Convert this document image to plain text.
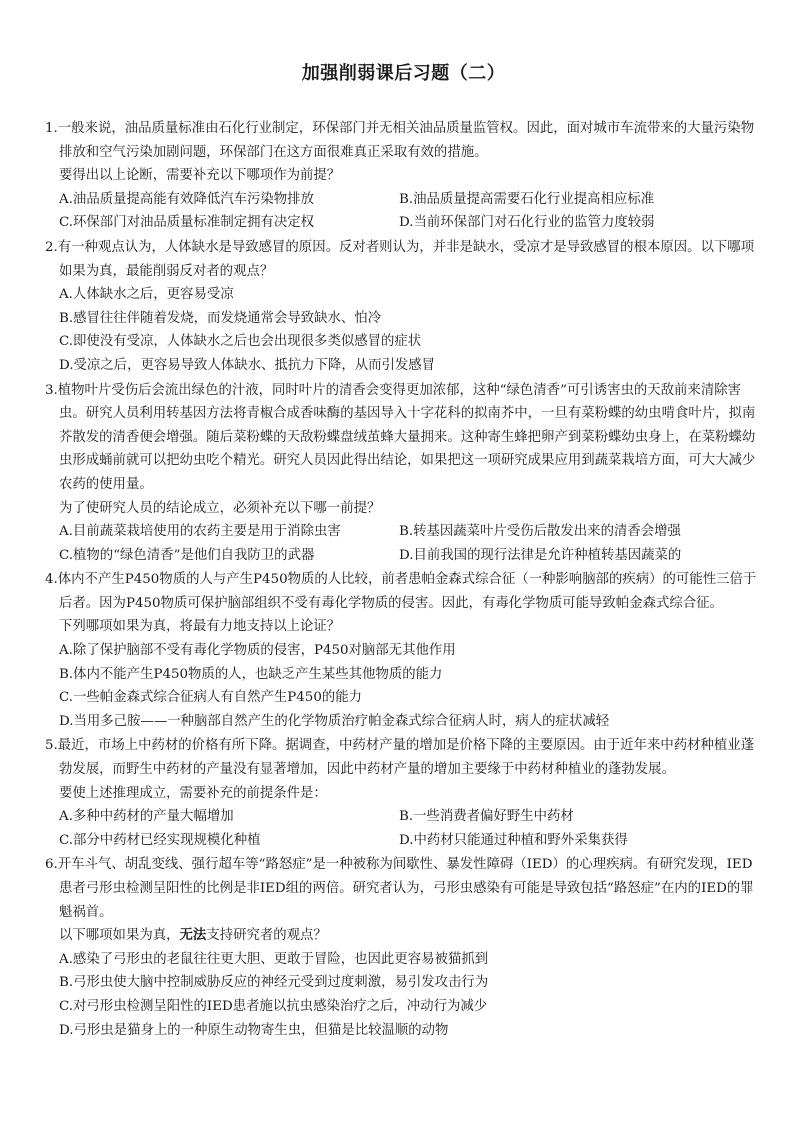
加强削弱课后习题（二）

1.一般来说，油品质量标准由石化行业制定，环保部门并无相关油品质量监管权。因此，面对城市车流带来的大量污染物排放和空气污染加剧问题，环保部门在这方面很难真正采取有效的措施。

要得出以上论断，需要补充以下哪项作为前提？

A.油品质量提高能有效降低汽车污染物排放	B.油品质量提高需要石化行业提高相应标准
C.环保部门对油品质量标准制定拥有决定权	D.当前环保部门对石化行业的监管力度较弱

2.有一种观点认为，人体缺水是导致感冒的原因。反对者则认为，并非是缺水，受凉才是导致感冒的根本原因。以下哪项如果为真，最能削弱反对者的观点？

A.人体缺水之后，更容易受凉
B.感冒往往伴随着发烧，而发烧通常会导致缺水、怕冷
C.即使没有受凉，人体缺水之后也会出现很多类似感冒的症状
D.受凉之后，更容易导致人体缺水、抵抗力下降，从而引发感冒

3.植物叶片受伤后会流出绿色的汁液，同时叶片的清香会变得更加浓郁，这种“绿色清香”可引诱害虫的天敌前来清除害虫。研究人员利用转基因方法将青椒合成香味酶的基因导入十字花科的拟南芥中，一旦有菜粉蝶的幼虫啃食叶片，拟南芥散发的清香便会增强。随后菜粉蝶的天敌粉蝶盘绒茧蜂大量拥来。这种寄生蜂把卵产到菜粉蝶幼虫身上，在菜粉蝶幼虫形成蛹前就可以把幼虫吃个精光。研究人员因此得出结论，如果把这一项研究成果应用到蔬菜栽培方面，可大大减少农药的使用量。

为了使研究人员的结论成立，必须补充以下哪一前提？

A.目前蔬菜栽培使用的农药主要是用于消除虫害	B.转基因蔬菜叶片受伤后散发出来的清香会增强
C.植物的“绿色清香”是他们自我防卫的武器	D.目前我国的现行法律是允许种植转基因蔬菜的

4.体内不产生P450物质的人与产生P450物质的人比较，前者患帕金森式综合征（一种影响脑部的疾病）的可能性三倍于后者。因为P450物质可保护脑部组织不受有毒化学物质的侵害。因此，有毒化学物质可能导致帕金森式综合征。

下列哪项如果为真，将最有力地支持以上论证？

A.除了保护脑部不受有毒化学物质的侵害，P450对脑部无其他作用
B.体内不能产生P450物质的人，也缺乏产生某些其他物质的能力
C.一些帕金森式综合征病人有自然产生P450的能力
D.当用多己胺——一种脑部自然产生的化学物质治疗帕金森式综合征病人时，病人的症状减轻

5.最近，市场上中药材的价格有所下降。据调查，中药材产量的增加是价格下降的主要原因。由于近年来中药材种植业蓬勃发展，而野生中药材的产量没有显著增加，因此中药材产量的增加主要缘于中药材种植业的蓬勃发展。

要使上述推理成立，需要补充的前提条件是：

A.多种中药材的产量大幅增加	B.一些消费者偏好野生中药材
C.部分中药材已经实现规模化种植	D.中药材只能通过种植和野外采集获得

6.开车斗气、胡乱变线、强行超车等“路怒症”是一种被称为间歇性、暴发性障碍（IED）的心理疾病。有研究发现，IED患者弓形虫检测呈阳性的比例是非IED组的两倍。研究者认为，弓形虫感染有可能是导致包括“路怒症”在内的IED的罪魁祸首。

以下哪项如果为真，无法支持研究者的观点？

A.感染了弓形虫的老鼠往往更大胆、更敢于冒险，也因此更容易被猫抓到
B.弓形虫使大脑中控制威胁反应的神经元受到过度刺激，易引发攻击行为
C.对弓形虫检测呈阳性的IED患者施以抗虫感染治疗之后，冲动行为减少
D.弓形虫是猫身上的一种原生动物寄生虫，但猫是比较温顺的动物
